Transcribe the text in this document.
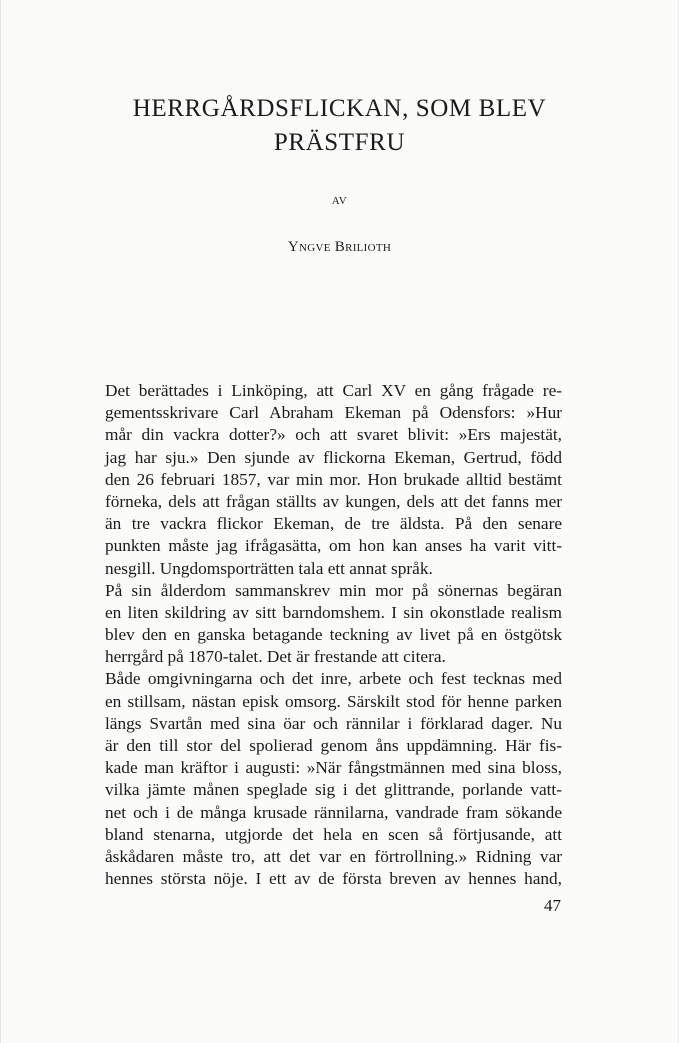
HERRGÅRDSFLICKAN, SOM BLEV
PRÄSTFRU
AV
Yngve Brilioth
Det berättades i Linköping, att Carl XV en gång frågade re-
gementsskrivare Carl Abraham Ekeman på Odensfors: »Hur
mår din vackra dotter?» och att svaret blivit: »Ers majestät,
jag har sju.» Den sjunde av flickorna Ekeman, Gertrud, född
den 26 februari 1857, var min mor. Hon brukade alltid bestämt
förneka, dels att frågan ställts av kungen, dels att det fanns mer
än tre vackra flickor Ekeman, de tre äldsta. På den senare
punkten måste jag ifrågasätta, om hon kan anses ha varit vitt-
nesgill. Ungdomsporträtten tala ett annat språk.
På sin ålderdom sammanskrev min mor på sönernas begäran
en liten skildring av sitt barndomshem. I sin okonstlade realism
blev den en ganska betagande teckning av livet på en östgötsk
herrgård på 1870-talet. Det är frestande att citera.
Både omgivningarna och det inre, arbete och fest tecknas med
en stillsam, nästan episk omsorg. Särskilt stod för henne parken
längs Svartån med sina öar och rännilar i förklarad dager. Nu
är den till stor del spolierad genom åns uppdämning. Här fis-
kade man kräftor i augusti: »När fångstmännen med sina bloss,
vilka jämte månen speglade sig i det glittrande, porlande vatt-
net och i de många krusade rännilarna, vandrade fram sökande
bland stenarna, utgjorde det hela en scen så förtjusande, att
åskådaren måste tro, att det var en förtrollning.» Ridning var
hennes största nöje. I ett av de första breven av hennes hand,
47
